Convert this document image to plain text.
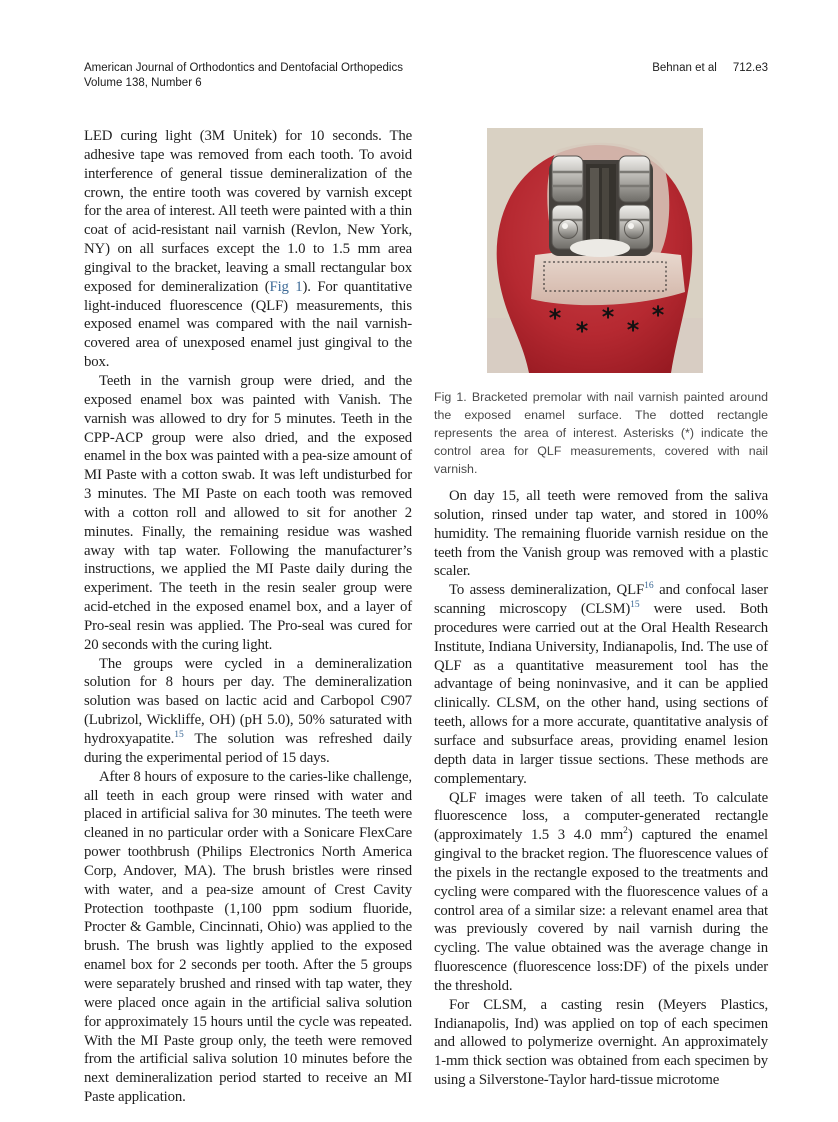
American Journal of Orthodontics and Dentofacial Orthopedics
Volume 138, Number 6
Behnan et al 712.e3

LED curing light (3M Unitek) for 10 seconds. The adhesive tape was removed from each tooth. To avoid interference of general tissue demineralization of the crown, the entire tooth was covered by varnish except for the area of interest. All teeth were painted with a thin coat of acid-resistant nail varnish (Revlon, New York, NY) on all surfaces except the 1.0 to 1.5 mm area gingival to the bracket, leaving a small rectangular box exposed for demineralization (Fig 1). For quantitative light-induced fluorescence (QLF) measurements, this exposed enamel was compared with the nail varnish-covered area of unexposed enamel just gingival to the box.

Teeth in the varnish group were dried, and the exposed enamel box was painted with Vanish. The varnish was allowed to dry for 5 minutes. Teeth in the CPP-ACP group were also dried, and the exposed enamel in the box was painted with a pea-size amount of MI Paste with a cotton swab. It was left undisturbed for 3 minutes. The MI Paste on each tooth was removed with a cotton roll and allowed to sit for another 2 minutes. Finally, the remaining residue was washed away with tap water. Following the manufacturer’s instructions, we applied the MI Paste daily during the experiment. The teeth in the resin sealer group were acid-etched in the exposed enamel box, and a layer of Pro-seal resin was applied. The Pro-seal was cured for 20 seconds with the curing light.

The groups were cycled in a demineralization solution for 8 hours per day. The demineralization solution was based on lactic acid and Carbopol C907 (Lubrizol, Wickliffe, OH) (pH 5.0), 50% saturated with hydroxyapatite.$^{15}$ The solution was refreshed daily during the experimental period of 15 days.

After 8 hours of exposure to the caries-like challenge, all teeth in each group were rinsed with water and placed in artificial saliva for 30 minutes. The teeth were cleaned in no particular order with a Sonicare FlexCare power toothbrush (Philips Electronics North America Corp, Andover, MA). The brush bristles were rinsed with water, and a pea-size amount of Crest Cavity Protection toothpaste (1,100 ppm sodium fluoride, Procter & Gamble, Cincinnati, Ohio) was applied to the brush. The brush was lightly applied to the exposed enamel box for 2 seconds per tooth. After the 5 groups were separately brushed and rinsed with tap water, they were placed once again in the artificial saliva solution for approximately 15 hours until the cycle was repeated. With the MI Paste group only, the teeth were removed from the artificial saliva solution 10 minutes before the next demineralization period started to receive an MI Paste application.

* * * *
*
Fig 1. Bracketed premolar with nail varnish painted around the exposed enamel surface. The dotted rectangle represents the area of interest. Asterisks (*) indicate the control area for QLF measurements, covered with nail varnish.

On day 15, all teeth were removed from the saliva solution, rinsed under tap water, and stored in 100% humidity. The remaining fluoride varnish residue on the teeth from the Vanish group was removed with a plastic scaler.

To assess demineralization, QLF$^{16}$ and confocal laser scanning microscopy (CLSM)$^{15}$ were used. Both procedures were carried out at the Oral Health Research Institute, Indiana University, Indianapolis, Ind. The use of QLF as a quantitative measurement tool has the advantage of being noninvasive, and it can be applied clinically. CLSM, on the other hand, using sections of teeth, allows for a more accurate, quantitative analysis of surface and subsurface areas, providing enamel lesion depth data in larger tissue sections. These methods are complementary.

QLF images were taken of all teeth. To calculate fluorescence loss, a computer-generated rectangle (approximately 1.5 3 4.0 $mm^2$) captured the enamel gingival to the bracket region. The fluorescence values of the pixels in the rectangle exposed to the treatments and cycling were compared with the fluorescence values of a control area of a similar size: a relevant enamel area that was previously covered by nail varnish during the cycling. The value obtained was the average change in fluorescence (fluorescence loss:DF) of the pixels under the threshold.

For CLSM, a casting resin (Meyers Plastics, Indianapolis, Ind) was applied on top of each specimen and allowed to polymerize overnight. An approximately 1-mm thick section was obtained from each specimen by using a Silverstone-Taylor hard-tissue microtome
